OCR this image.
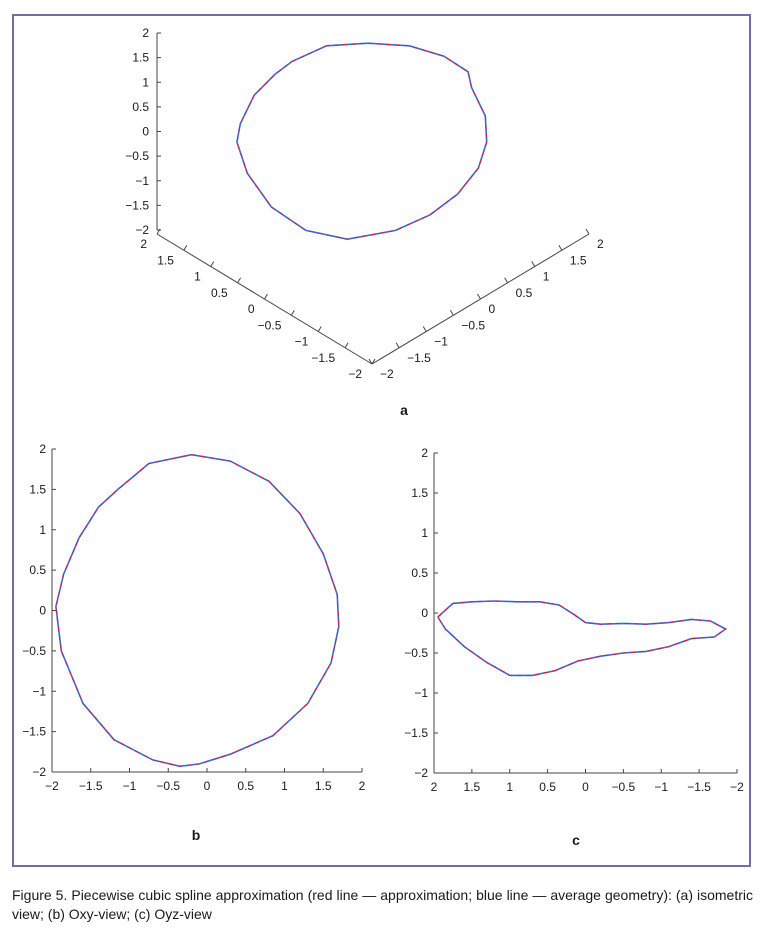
−2
−1.5
−1
−0.5
0
0.5
1
1.5
2
2
1.5
1
0.5
0
−0.5
−1
−1.5
−2
2
1.5
1
0.5
0
−0.5
−1
−1.5
−2
a
−2 −1.5 −1 −0.5 0 0.5 1 1.5 2
−2
−1.5
−1
−0.5
0
0.5
1
1.5
2
b
2 1.5 1 0.5 0 −0.5 −1 −1.5 −2
−2
−1.5
−1
−0.5
0
0.5
1
1.5
2
c
Figure 5. Piecewise cubic spline approximation (red line — approximation; blue line — average geometry): (a) isometric view; (b) Oxy-view; (c) Oyz-view
